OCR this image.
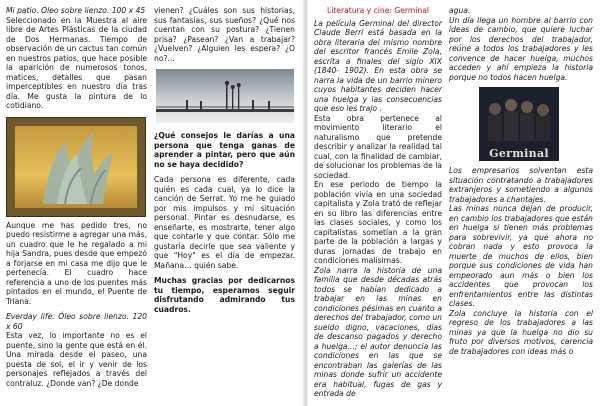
Mi patio. Óleo sobre lienzo. 100 x 45
Seleccionado en la Muestra al aire libre de Artes Plásticas de la ciudad de Dos Hermanas. Tiempo de observación de un cactus tan común en nuestros patios, que hace posible la aparición de numerosos tonos, matices, detalles que pasan imperceptibles en nuestro día tras día. Me gusta la pintura de lo cotidiano.

Aunque me has pedido tres, no puedo resistirme a agregar una más, un cuadro que le he regalado a mi hija Sandra, pues desde que empezó a forjarse en mi casa me dijo que le pertenecía. El cuadro hace referencia a uno de los puentes más pintados en el mundo, el Puente de Triana.

Everday life. Óleo sobre lienzo. 120 x 60
Esta vez, lo importante no es el puente, sino la gente que está en él. Una mirada desde el paseo, una puesta de sol, el ir y venir de los personajes reflejados a través del contraluz. ¿Donde van? ¿De donde

vienen? ¿Cuáles son sus historias, sus fantasías, sus sueños? ¿Qué nos cuentan con su postura? ¿Tienen prisa? ¿Pasean? ¿Van a trabajar? ¿Vuelven? ¿Alguien les espera? ¿O no?...

¿Qué consejos le darías a una persona que tenga ganas de aprender a pintar, pero que aún no se haya decidido?

Cada persona es diferente, cada quién es cada cual, ya lo dice la canción de Serrat. Yo me he guiado por mis impulsos y mi situación personal. Pintar es desnudarse, es enseñarte, es mostrarte, tener algo que contarle y que contar. Sólo me gustaría decirle que sea valiente y que "Hoy" es el día de empezar. Mañana… quién sabe.

Muchas gracias por dedicarnos tu tiempo, esperamos seguir disfrutando admirando tus cuadros.

Literatura y cine: Germinal

La película Germinal del director Claude Berri está basada en la obra literaria del mismo nombre del escritor francés Emile Zola, escrita a finales del siglo XIX (1840- 1902). En esta obra se narra la vida de un barrio minero cuyos habitantes deciden hacer una huelga y las consecuencias que eso les trajo .

Esta obra pertenece al movimiento literario el naturalismo que pretende describir y analizar la realidad tal cual, con la finalidad de cambiar, de solucionar los problemas de la sociedad.

En ese periodo de tiempo la población vivía en una sociedad capitalista y Zola trató de reflejar en su libro las diferencias entre las clases sociales, y como los capitalistas sometían a la gran parte de la población a largas y duras jornadas de trabajo en condiciones malísimas.

Zola narra la historia de una familia que desde décadas atrás todos se habían dedicado a trabajar en las minas en condiciones pésimas en cuanto a derechos del trabajador, como un sueldo digno, vacaciones, días de descanso pagados y derecho a huelga...; el autor denuncia las condiciones en las que se encontraban las galerías de las minas donde sufrir un accidente era habitual, fugas de gas y entrada de

agua.

Un día llega un hombre al barrio con ideas de cambio, que quiere luchar por los derechos del trabajador, reúne a todos los trabajadores y les convence de hacer huelga, muchos acceden y ahí empieza la historia porque no todos hacen huelga.

Germinal

Los empresarios solventan esta situación contratando a trabajadores extranjeros y sometiendo a algunos trabajadores a chantajes.

Las minas nunca dejan de producir, en cambio los trabajadores que están en huelga si tienen más problemas para sobrevivir, ya que ahora no cobran nada y esto provoca la muerte de muchos de ellos, bien porque sus condiciones de vida han empeorado aun más o bien los accidentes que provocan los enfrentamientos entre las distintas clases.

Zola concluye la historia con el regreso de los trabajadores a las minas ya que la huelga no dio su fruto por diversos motivos, carencia de trabajadores con ideas más o
